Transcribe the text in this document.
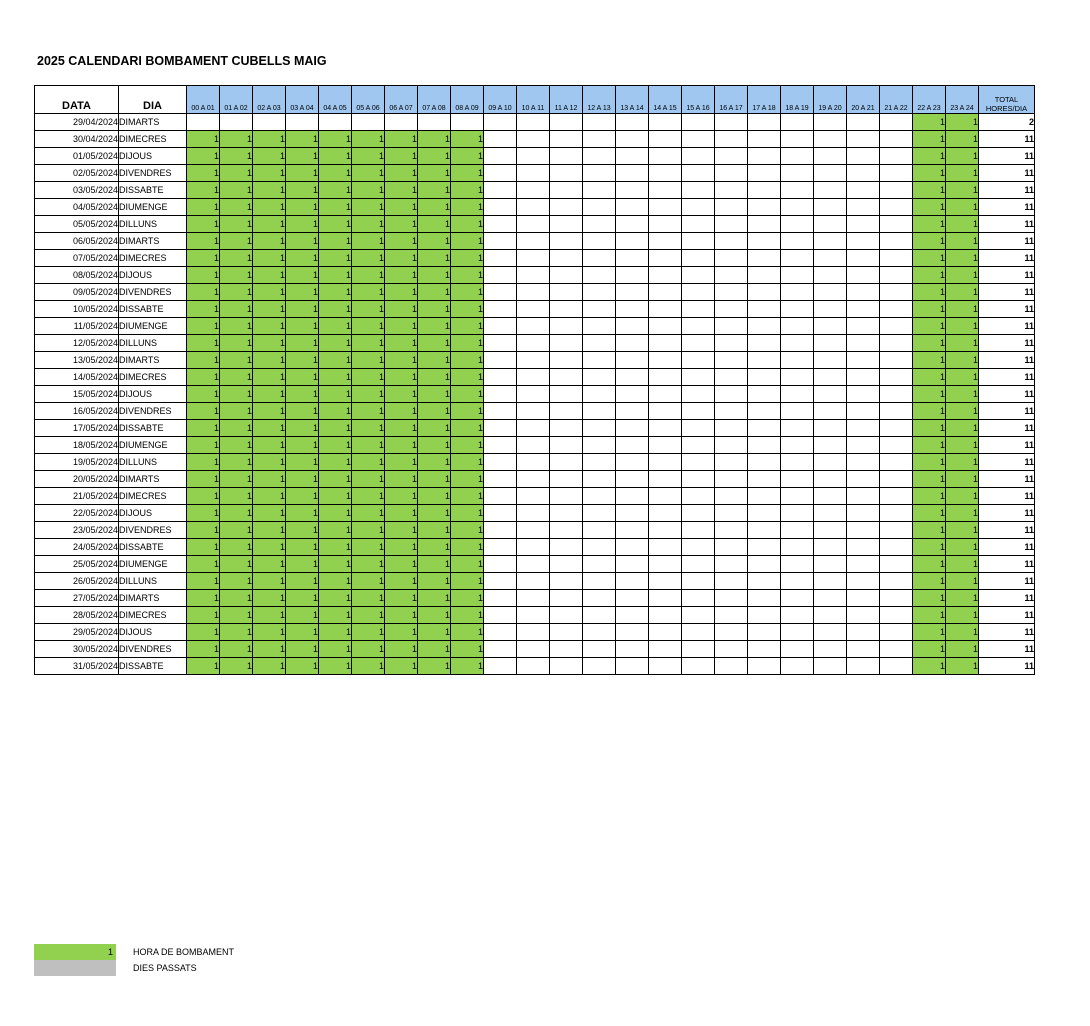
2025 CALENDARI BOMBAMENT CUBELLS MAIG
DATA	DIA	00 A 01	01 A 02	02 A 03	03 A 04	04 A 05	05 A 06	06 A 07	07 A 08	08 A 09	09 A 10	10 A 11	11 A 12	12 A 13	13 A 14	14 A 15	15 A 16	16 A 17	17 A 18	18 A 19	19 A 20	20 A 21	21 A 22	22 A 23	23 A 24	TOTAL
HORES/DIA
29/04/2024	DIMARTS																							1	1	2
30/04/2024	DIMECRES	1	1	1	1	1	1	1	1	1														1	1	11
01/05/2024	DIJOUS	1	1	1	1	1	1	1	1	1														1	1	11
02/05/2024	DIVENDRES	1	1	1	1	1	1	1	1	1														1	1	11
03/05/2024	DISSABTE	1	1	1	1	1	1	1	1	1														1	1	11
04/05/2024	DIUMENGE	1	1	1	1	1	1	1	1	1														1	1	11
05/05/2024	DILLUNS	1	1	1	1	1	1	1	1	1														1	1	11
06/05/2024	DIMARTS	1	1	1	1	1	1	1	1	1														1	1	11
07/05/2024	DIMECRES	1	1	1	1	1	1	1	1	1														1	1	11
08/05/2024	DIJOUS	1	1	1	1	1	1	1	1	1														1	1	11
09/05/2024	DIVENDRES	1	1	1	1	1	1	1	1	1														1	1	11
10/05/2024	DISSABTE	1	1	1	1	1	1	1	1	1														1	1	11
11/05/2024	DIUMENGE	1	1	1	1	1	1	1	1	1														1	1	11
12/05/2024	DILLUNS	1	1	1	1	1	1	1	1	1														1	1	11
13/05/2024	DIMARTS	1	1	1	1	1	1	1	1	1														1	1	11
14/05/2024	DIMECRES	1	1	1	1	1	1	1	1	1														1	1	11
15/05/2024	DIJOUS	1	1	1	1	1	1	1	1	1														1	1	11
16/05/2024	DIVENDRES	1	1	1	1	1	1	1	1	1														1	1	11
17/05/2024	DISSABTE	1	1	1	1	1	1	1	1	1														1	1	11
18/05/2024	DIUMENGE	1	1	1	1	1	1	1	1	1														1	1	11
19/05/2024	DILLUNS	1	1	1	1	1	1	1	1	1														1	1	11
20/05/2024	DIMARTS	1	1	1	1	1	1	1	1	1														1	1	11
21/05/2024	DIMECRES	1	1	1	1	1	1	1	1	1														1	1	11
22/05/2024	DIJOUS	1	1	1	1	1	1	1	1	1														1	1	11
23/05/2024	DIVENDRES	1	1	1	1	1	1	1	1	1														1	1	11
24/05/2024	DISSABTE	1	1	1	1	1	1	1	1	1														1	1	11
25/05/2024	DIUMENGE	1	1	1	1	1	1	1	1	1														1	1	11
26/05/2024	DILLUNS	1	1	1	1	1	1	1	1	1														1	1	11
27/05/2024	DIMARTS	1	1	1	1	1	1	1	1	1														1	1	11
28/05/2024	DIMECRES	1	1	1	1	1	1	1	1	1														1	1	11
29/05/2024	DIJOUS	1	1	1	1	1	1	1	1	1														1	1	11
30/05/2024	DIVENDRES	1	1	1	1	1	1	1	1	1														1	1	11
31/05/2024	DISSABTE	1	1	1	1	1	1	1	1	1														1	1	11
1	HORA DE BOMBAMENT
DIES PASSATS
